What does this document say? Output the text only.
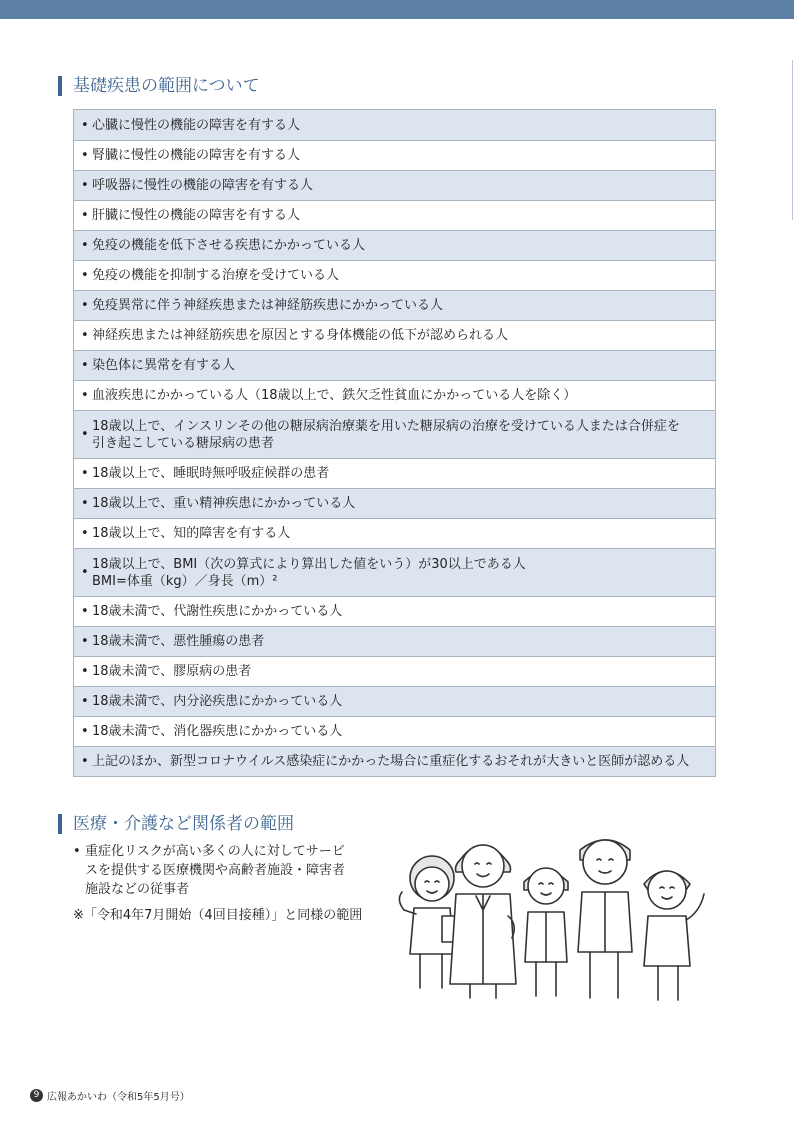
基礎疾患の範囲について
• 心臓に慢性の機能の障害を有する人
• 腎臓に慢性の機能の障害を有する人
• 呼吸器に慢性の機能の障害を有する人
• 肝臓に慢性の機能の障害を有する人
• 免疫の機能を低下させる疾患にかかっている人
• 免疫の機能を抑制する治療を受けている人
• 免疫異常に伴う神経疾患または神経筋疾患にかかっている人
• 神経疾患または神経筋疾患を原因とする身体機能の低下が認められる人
• 染色体に異常を有する人
• 血液疾患にかかっている人（18歳以上で、鉄欠乏性貧血にかかっている人を除く）
•
18歳以上で、インスリンその他の糖尿病治療薬を用いた糖尿病の治療を受けている人または合併症を
引き起こしている糖尿病の患者
• 18歳以上で、睡眠時無呼吸症候群の患者
• 18歳以上で、重い精神疾患にかかっている人
• 18歳以上で、知的障害を有する人
•
18歳以上で、BMI（次の算式により算出した値をいう）が30以上である人
BMI=体重（kg）／身長（m）²
• 18歳未満で、代謝性疾患にかかっている人
• 18歳未満で、悪性腫瘍の患者
• 18歳未満で、膠原病の患者
• 18歳未満で、内分泌疾患にかかっている人
• 18歳未満で、消化器疾患にかかっている人
• 上記のほか、新型コロナウイルス感染症にかかった場合に重症化するおそれが大きいと医師が認める人
医療・介護など関係者の範囲
• 重症化リスクが高い多くの人に対してサービ
スを提供する医療機関や高齢者施設・障害者
施設などの従事者
※「令和4年7月開始（4回目接種）」と同様の範囲
9 広報あかいわ（令和5年5月号）
